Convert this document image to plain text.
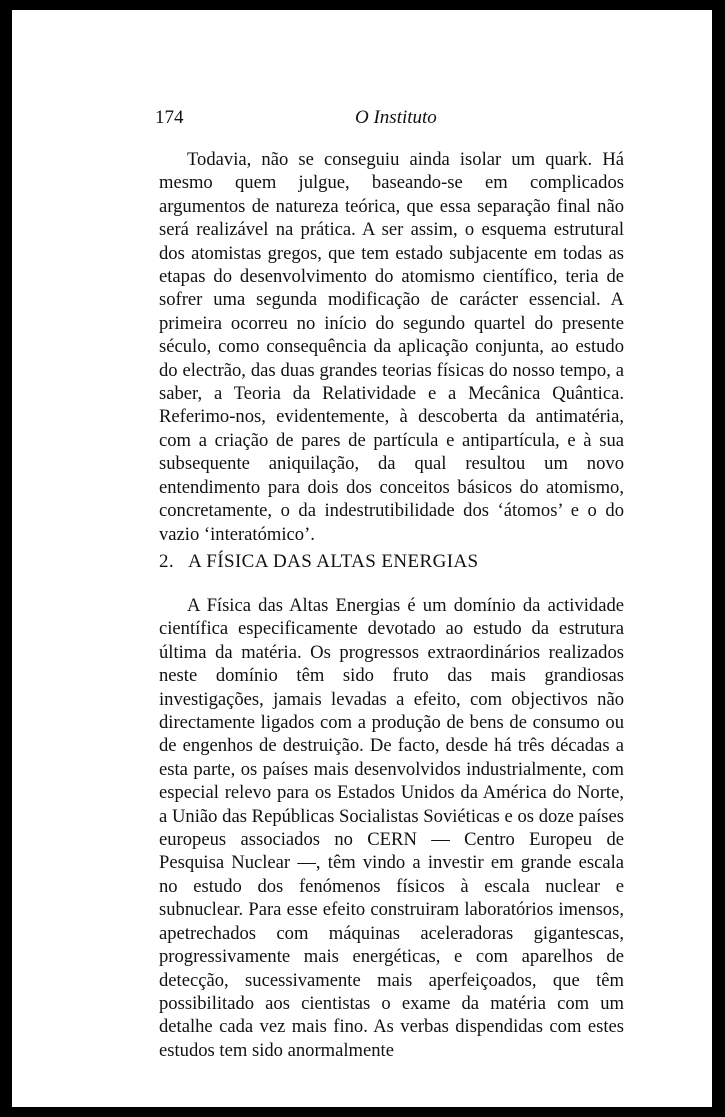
174	O Instituto

Todavia, não se conseguiu ainda isolar um quark. Há mesmo quem julgue, baseando-se em complicados argumentos de natureza teórica, que essa separação final não será realizável na prática. A ser assim, o esquema estrutural dos atomistas gregos, que tem estado subjacente em todas as etapas do desenvolvimento do atomismo científico, teria de sofrer uma segunda modificação de carácter essencial. A primeira ocorreu no início do segundo quartel do presente século, como consequência da aplicação conjunta, ao estudo do electrão, das duas grandes teorias físicas do nosso tempo, a saber, a Teoria da Relatividade e a Mecânica Quântica. Referimo-nos, evidentemente, à descoberta da antimatéria, com a criação de pares de partícula e antipartícula, e à sua subsequente aniquilação, da qual resultou um novo entendimento para dois dos conceitos básicos do atomismo, concretamente, o da indestrutibilidade dos ‘átomos’ e o do vazio ‘interatómico’.

2. A FÍSICA DAS ALTAS ENERGIAS

A Física das Altas Energias é um domínio da actividade científica especificamente devotado ao estudo da estrutura última da matéria. Os progressos extraordinários realizados neste domínio têm sido fruto das mais grandiosas investigações, jamais levadas a efeito, com objectivos não directamente ligados com a produção de bens de consumo ou de engenhos de destruição. De facto, desde há três décadas a esta parte, os países mais desenvolvidos industrialmente, com especial relevo para os Estados Unidos da América do Norte, a União das Repúblicas Socialistas Soviéticas e os doze países europeus associados no CERN — Centro Europeu de Pesquisa Nuclear —, têm vindo a investir em grande escala no estudo dos fenómenos físicos à escala nuclear e subnuclear. Para esse efeito construiram laboratórios imensos, apetrechados com máquinas aceleradoras gigantescas, progressivamente mais energéticas, e com aparelhos de detecção, sucessivamente mais aperfeiçoados, que têm possibilitado aos cientistas o exame da matéria com um detalhe cada vez mais fino. As verbas dispendidas com estes estudos tem sido anormalmente
